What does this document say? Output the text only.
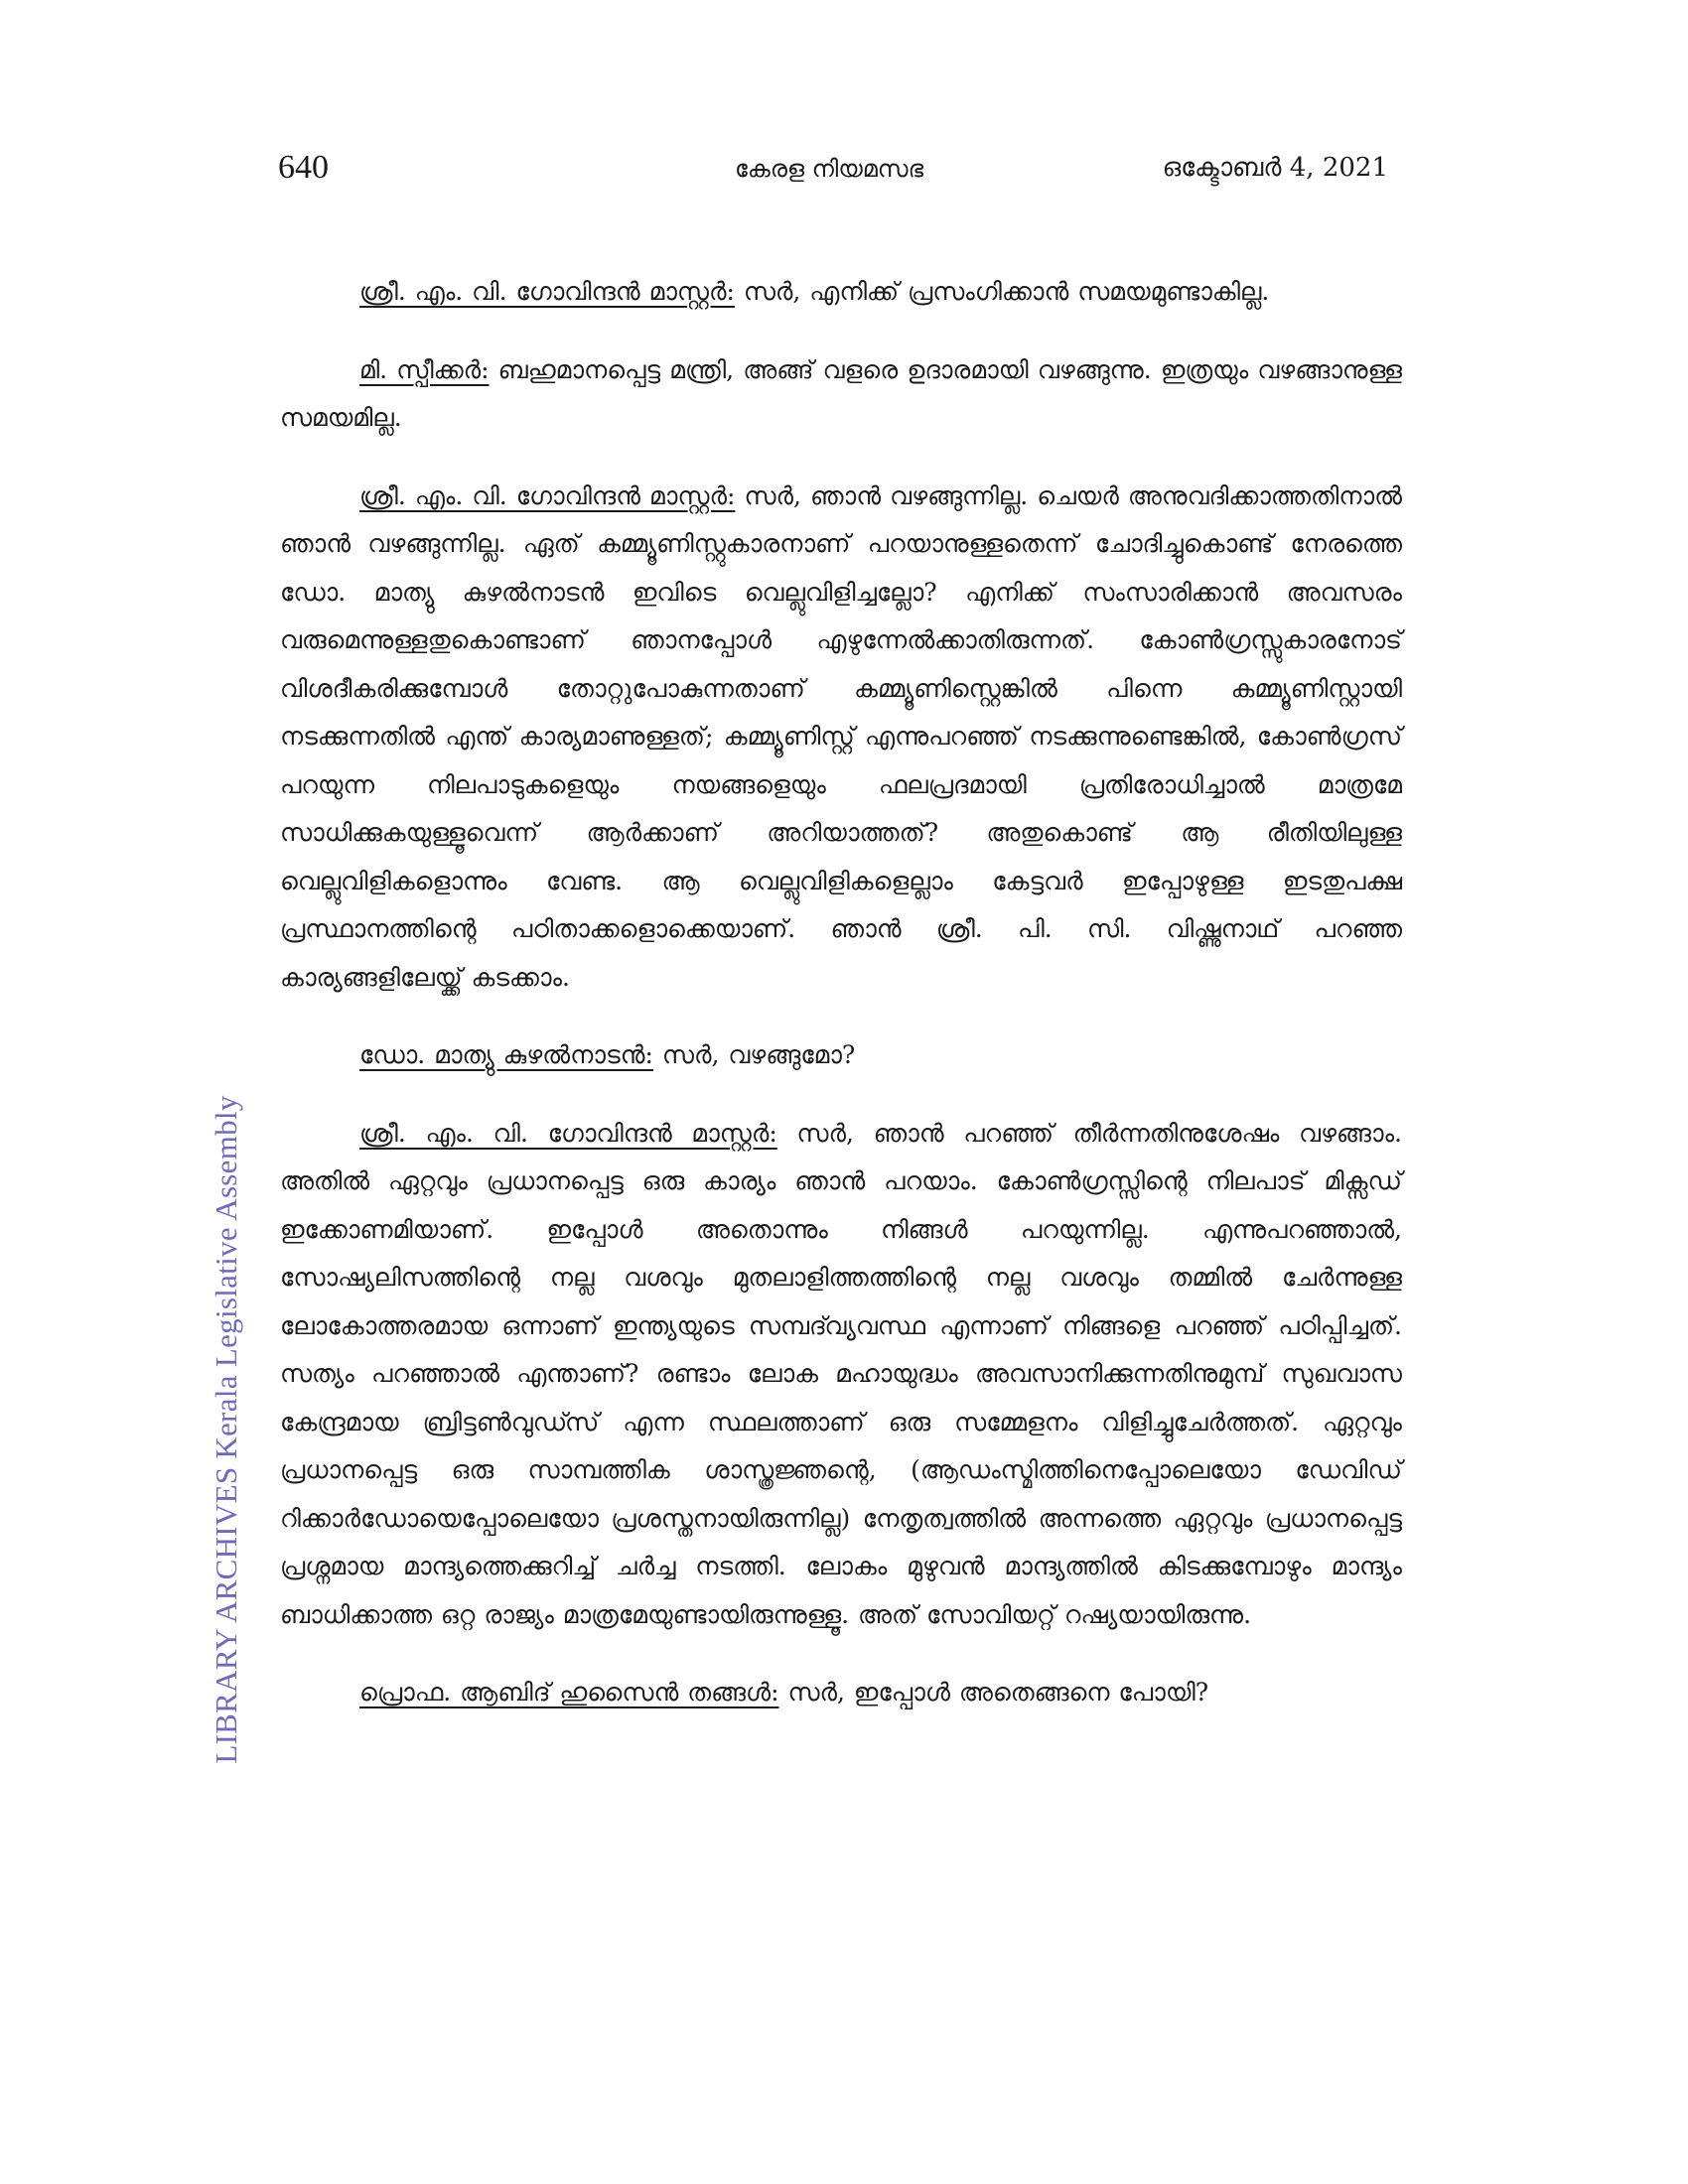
640	കേരള നിയമസഭ	ഒക്ടോബർ 4, 2021
LIBRARY ARCHIVES Kerala Legislative Assembly

ശ്രീ. എം. വി. ഗോവിന്ദൻ മാസ്റ്റർ: സർ, എനിക്ക് പ്രസംഗിക്കാൻ സമയമുണ്ടാകില്ല.

മി. സ്പീക്കർ: ബഹുമാനപ്പെട്ട മന്ത്രി, അങ്ങ് വളരെ ഉദാരമായി വഴങ്ങുന്നു. ഇത്രയും വഴങ്ങാനുള്ള സമയമില്ല.

ശ്രീ. എം. വി. ഗോവിന്ദൻ മാസ്റ്റർ: സർ, ഞാൻ വഴങ്ങുന്നില്ല. ചെയർ അനുവദിക്കാത്തതിനാൽ ഞാൻ വഴങ്ങുന്നില്ല. ഏത് കമ്മ്യൂണിസ്റ്റുകാരനാണ് പറയാനുള്ളതെന്ന് ചോദിച്ചുകൊണ്ട് നേരത്തെ ഡോ. മാത്യു കുഴൽനാടൻ ഇവിടെ വെല്ലുവിളിച്ചല്ലോ? എനിക്ക് സംസാരിക്കാൻ അവസരം വരുമെന്നുള്ളതുകൊണ്ടാണ് ഞാനപ്പോൾ എഴുന്നേൽക്കാതിരുന്നത്. കോൺഗ്രസ്സുകാരനോട് വിശദീകരിക്കുമ്പോൾ തോറ്റുപോകുന്നതാണ് കമ്മ്യൂണിസ്റ്റെങ്കിൽ പിന്നെ കമ്മ്യൂണിസ്റ്റായി നടക്കുന്നതിൽ എന്ത് കാര്യമാണുള്ളത്; കമ്മ്യൂണിസ്റ്റ് എന്നുപറഞ്ഞ് നടക്കുന്നുണ്ടെങ്കിൽ, കോൺഗ്രസ് പറയുന്ന നിലപാടുകളെയും നയങ്ങളെയും ഫലപ്രദമായി പ്രതിരോധിച്ചാൽ മാത്രമേ സാധിക്കുകയുള്ളൂവെന്ന് ആർക്കാണ് അറിയാത്തത്? അതുകൊണ്ട് ആ രീതിയിലുള്ള വെല്ലുവിളികളൊന്നും വേണ്ട. ആ വെല്ലുവിളികളെല്ലാം കേട്ടവർ ഇപ്പോഴുള്ള ഇടതുപക്ഷ പ്രസ്ഥാനത്തിന്റെ പഠിതാക്കളൊക്കെയാണ്. ഞാൻ ശ്രീ. പി. സി. വിഷ്ണുനാഥ് പറഞ്ഞ കാര്യങ്ങളിലേയ്ക്ക് കടക്കാം.

ഡോ. മാത്യു കുഴൽനാടൻ: സർ, വഴങ്ങുമോ?

ശ്രീ. എം. വി. ഗോവിന്ദൻ മാസ്റ്റർ: സർ, ഞാൻ പറഞ്ഞ് തീർന്നതിനുശേഷം വഴങ്ങാം. അതിൽ ഏറ്റവും പ്രധാനപ്പെട്ട ഒരു കാര്യം ഞാൻ പറയാം. കോൺഗ്രസ്സിന്റെ നിലപാട് മിക്സഡ് ഇക്കോണമിയാണ്. ഇപ്പോൾ അതൊന്നും നിങ്ങൾ പറയുന്നില്ല. എന്നുപറഞ്ഞാൽ, സോഷ്യലിസത്തിന്റെ നല്ല വശവും മുതലാളിത്തത്തിന്റെ നല്ല വശവും തമ്മിൽ ചേർന്നുള്ള ലോകോത്തരമായ ഒന്നാണ് ഇന്ത്യയുടെ സമ്പദ്‍വ്യവസ്ഥ എന്നാണ് നിങ്ങളെ പറഞ്ഞ് പഠിപ്പിച്ചത്. സത്യം പറഞ്ഞാൽ എന്താണ്? രണ്ടാം ലോക മഹായുദ്ധം അവസാനിക്കുന്നതിനുമുമ്പ് സുഖവാസ കേന്ദ്രമായ ബ്രിട്ടൺവുഡ്സ് എന്ന സ്ഥലത്താണ് ഒരു സമ്മേളനം വിളിച്ചുചേർത്തത്. ഏറ്റവും പ്രധാനപ്പെട്ട ഒരു സാമ്പത്തിക ശാസ്ത്രജ്ഞന്റെ, (ആഡംസ്മിത്തിനെപ്പോലെയോ ഡേവിഡ് റിക്കാർഡോയെപ്പോലെയോ പ്രശസ്തനായിരുന്നില്ല) നേതൃത്വത്തിൽ അന്നത്തെ ഏറ്റവും പ്രധാനപ്പെട്ട പ്രശ്നമായ മാന്ദ്യത്തെക്കുറിച്ച് ചർച്ച നടത്തി. ലോകം മുഴുവൻ മാന്ദ്യത്തിൽ കിടക്കുമ്പോഴും മാന്ദ്യം ബാധിക്കാത്ത ഒറ്റ രാജ്യം മാത്രമേയുണ്ടായിരുന്നുള്ളൂ. അത് സോവിയറ്റ് റഷ്യയായിരുന്നു.

പ്രൊഫ. ആബിദ് ഹുസൈൻ തങ്ങൾ: സർ, ഇപ്പോൾ അതെങ്ങനെ പോയി?
